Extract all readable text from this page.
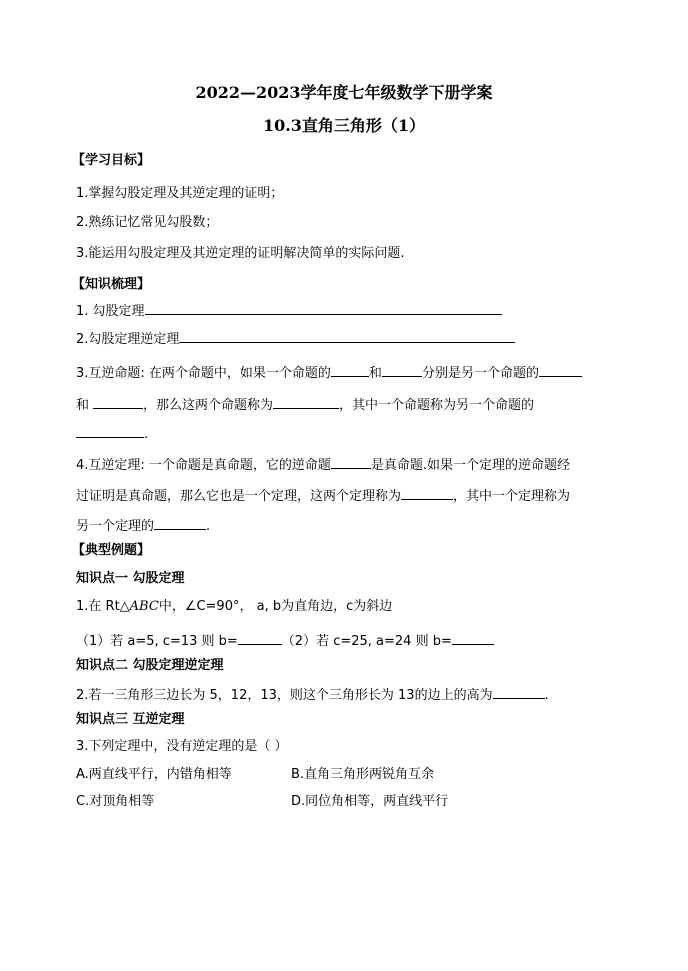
2022—2023学年度七年级数学下册学案
10.3直角三角形（1）
【学习目标】
1.掌握勾股定理及其逆定理的证明；
2.熟练记忆常见勾股数；
3.能运用勾股定理及其逆定理的证明解决简单的实际问题.
【知识梳理】
1. 勾股定理
2.勾股定理逆定理
3.互逆命题: 在两个命题中，如果一个命题的	和	分别是另一个命题的
和	，那么这两个命题称为	，其中一个命题称为另一个命题的
.
4.互逆定理: 一个命题是真命题，它的逆命题	是真命题.如果一个定理的逆命题经
过证明是真命题，那么它也是一个定理，这两个定理称为	，其中一个定理称为
另一个定理的	.
【典型例题】
知识点一 勾股定理
1.在 Rt△ABC中，∠C=90°， a, b为直角边，c为斜边
（1）若 a=5, c=13 则 b=	（2）若 c=25, a=24 则 b=
知识点二 勾股定理逆定理
2.若一三角形三边长为 5，12，13，则这个三角形长为 13的边上的高为	.
知识点三 互逆定理
3.下列定理中，没有逆定理的是（ ）
A.两直线平行，内错角相等	B.直角三角形两锐角互余
C.对顶角相等	D.同位角相等，两直线平行
